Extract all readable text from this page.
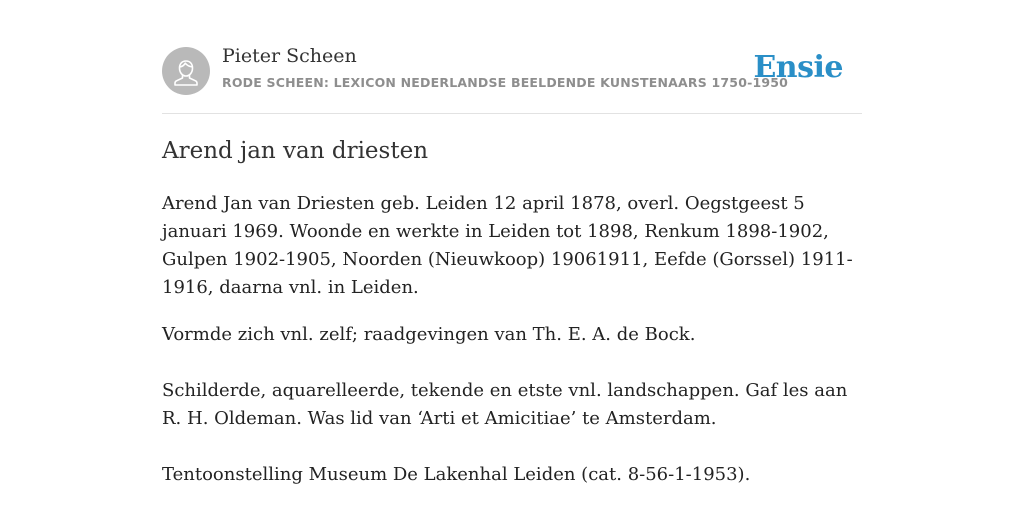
Pieter Scheen
RODE SCHEEN: LEXICON NEDERLANDSE BEELDENDE KUNSTENAARS 1750-1950
Ensie
Arend jan van driesten

Arend Jan van Driesten geb. Leiden 12 april 1878, overl. Oegstgeest 5 januari 1969. Woonde en werkte in Leiden tot 1898, Renkum 1898-1902, Gulpen 1902-1905, Noorden (Nieuwkoop) 19061911, Eefde (Gorssel) 1911-1916, daarna vnl. in Leiden.

Vormde zich vnl. zelf; raadgevingen van Th. E. A. de Bock.

Schilderde, aquarelleerde, tekende en etste vnl. landschappen. Gaf les aan R. H. Oldeman. Was lid van ‘Arti et Amicitiae’ te Amsterdam.

Tentoonstelling Museum De Lakenhal Leiden (cat. 8-56-1-1953).
